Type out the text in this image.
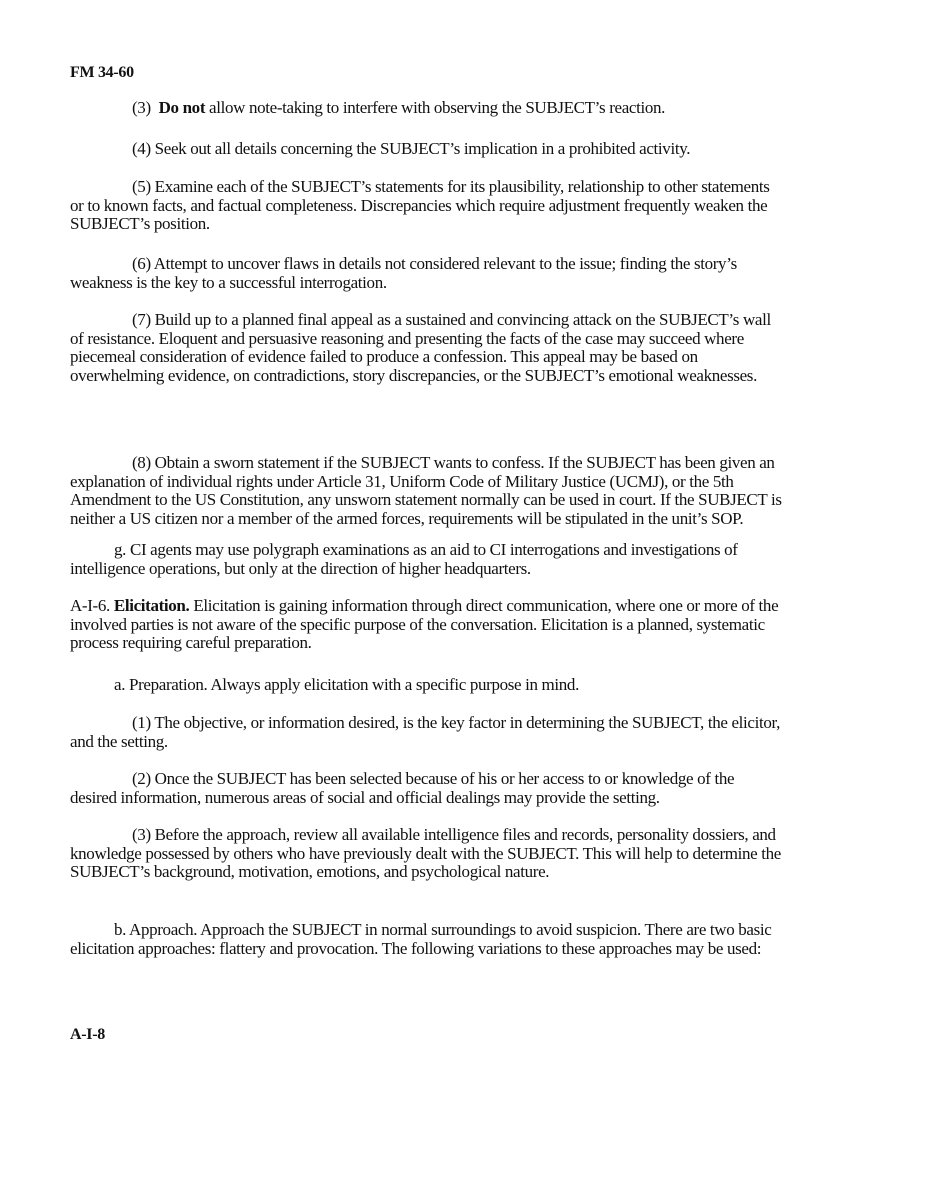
FM 34-60

(3) Do not allow note-taking to interfere with observing the SUBJECT’s reaction.

(4) Seek out all details concerning the SUBJECT’s implication in a prohibited activity.

(5) Examine each of the SUBJECT’s statements for its plausibility, relationship to other statements or to known facts, and factual completeness. Discrepancies which require adjustment frequently weaken the SUBJECT’s position.

(6) Attempt to uncover flaws in details not considered relevant to the issue; finding the story’s weakness is the key to a successful interrogation.

(7) Build up to a planned final appeal as a sustained and convincing attack on the SUBJECT’s wall of resistance. Eloquent and persuasive reasoning and presenting the facts of the case may succeed where piecemeal consideration of evidence failed to produce a confession. This appeal may be based on overwhelming evidence, on contradictions, story discrepancies, or the SUBJECT’s emotional weaknesses.

(8) Obtain a sworn statement if the SUBJECT wants to confess. If the SUBJECT has been given an explanation of individual rights under Article 31, Uniform Code of Military Justice (UCMJ), or the 5th Amendment to the US Constitution, any unsworn statement normally can be used in court. If the SUBJECT is neither a US citizen nor a member of the armed forces, requirements will be stipulated in the unit’s SOP.

g. CI agents may use polygraph examinations as an aid to CI interrogations and investigations of intelligence operations, but only at the direction of higher headquarters.

A-I-6. Elicitation. Elicitation is gaining information through direct communication, where one or more of the involved parties is not aware of the specific purpose of the conversation. Elicitation is a planned, systematic process requiring careful preparation.

a. Preparation. Always apply elicitation with a specific purpose in mind.

(1) The objective, or information desired, is the key factor in determining the SUBJECT, the elicitor, and the setting.

(2) Once the SUBJECT has been selected because of his or her access to or knowledge of the desired information, numerous areas of social and official dealings may provide the setting.

(3) Before the approach, review all available intelligence files and records, personality dossiers, and knowledge possessed by others who have previously dealt with the SUBJECT. This will help to determine the SUBJECT’s background, motivation, emotions, and psychological nature.

b. Approach. Approach the SUBJECT in normal surroundings to avoid suspicion. There are two basic elicitation approaches: flattery and provocation. The following variations to these approaches may be used:

A-I-8
